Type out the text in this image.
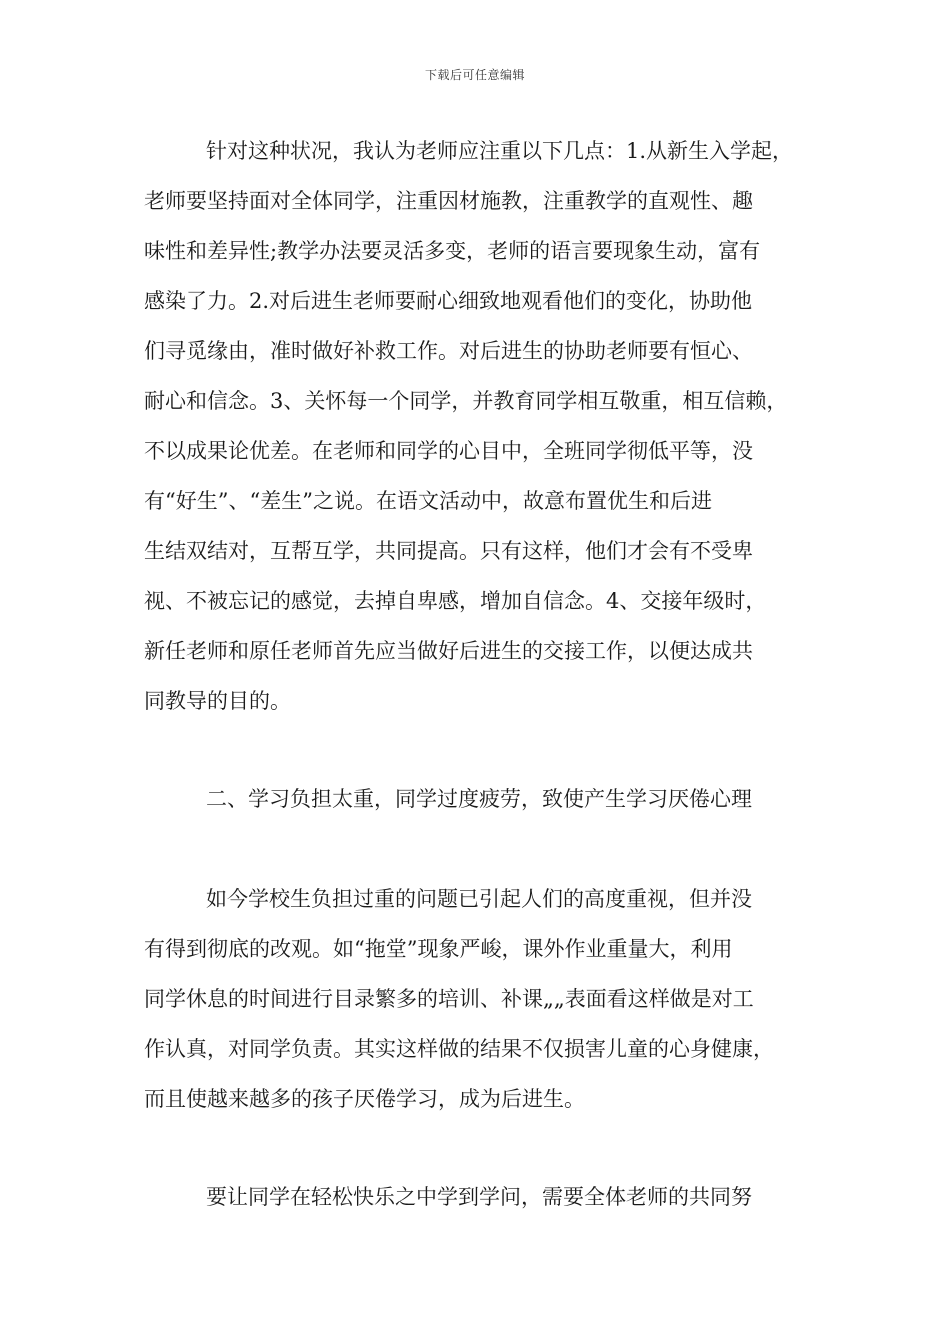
下载后可任意编辑
针对这种状况，我认为老师应注重以下几点：1.从新生入学起，
老师要坚持面对全体同学，注重因材施教，注重教学的直观性、趣
味性和差异性;教学办法要灵活多变，老师的语言要现象生动，富有
感染了力。2.对后进生老师要耐心细致地观看他们的变化，协助他
们寻觅缘由，准时做好补救工作。对后进生的协助老师要有恒心、
耐心和信念。3、关怀每一个同学，并教育同学相互敬重，相互信赖，
不以成果论优差。在老师和同学的心目中，全班同学彻低平等，没
有“好生”、“差生”之说。在语文活动中，故意布置优生和后进
生结双结对，互帮互学，共同提高。只有这样，他们才会有不受卑
视、不被忘记的感觉，去掉自卑感，增加自信念。4、交接年级时，
新任老师和原任老师首先应当做好后进生的交接工作，以便达成共
同教导的目的。
二、学习负担太重，同学过度疲劳，致使产生学习厌倦心理
如今学校生负担过重的问题已引起人们的高度重视，但并没
有得到彻底的改观。如“拖堂”现象严峻，课外作业重量大，利用
同学休息的时间进行目录繁多的培训、补课„„表面看这样做是对工
作认真，对同学负责。其实这样做的结果不仅损害儿童的心身健康，
而且使越来越多的孩子厌倦学习，成为后进生。
要让同学在轻松快乐之中学到学问，需要全体老师的共同努
